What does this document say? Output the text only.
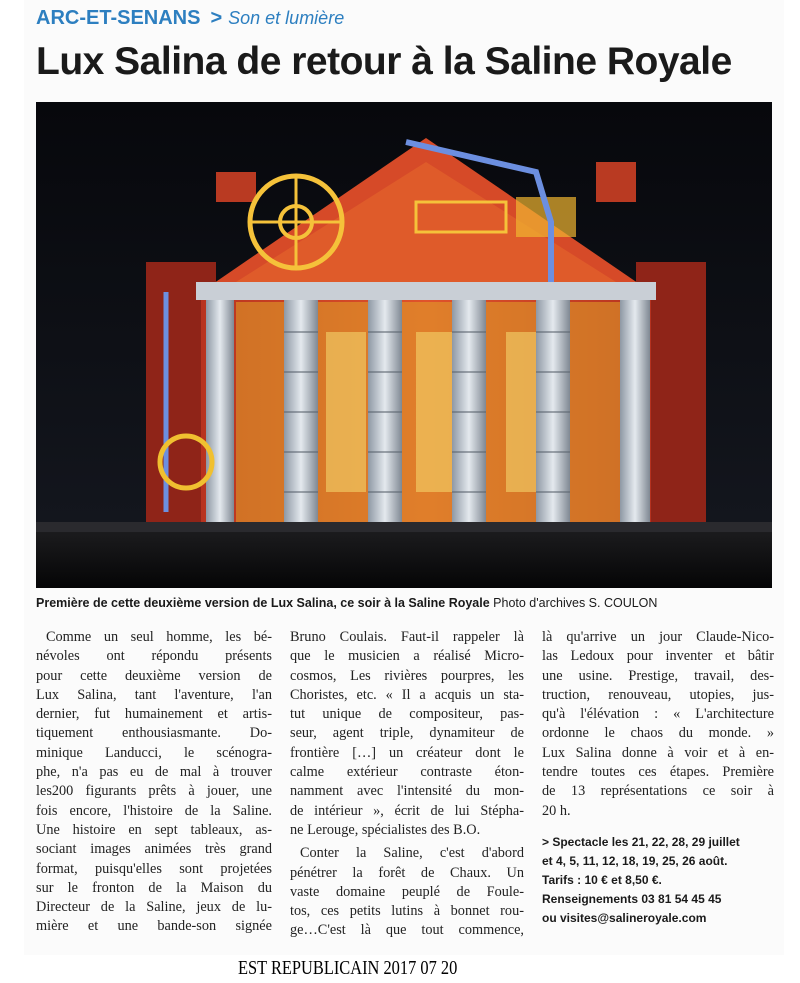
ARC-ET-SENANS > Son et lumière
Lux Salina de retour à la Saline Royale
Première de cette deuxième version de Lux Salina, ce soir à la Saline Royale Photo d'archives S. COULON

Comme un seul homme, les bé-
névoles ont répondu présents
pour cette deuxième version de
Lux Salina, tant l'aventure, l'an
dernier, fut humainement et artis-
tiquement enthousiasmante. Do-
minique Landucci, le scénogra-
phe, n'a pas eu de mal à trouver
les200 figurants prêts à jouer, une
fois encore, l'histoire de la Saline.
Une histoire en sept tableaux, as-
sociant images animées très grand
format, puisqu'elles sont projetées
sur le fronton de la Maison du
Directeur de la Saline, jeux de lu-
mière et une bande-son signée

Bruno Coulais. Faut-il rappeler là
que le musicien a réalisé Micro-
cosmos, Les rivières pourpres, les
Choristes, etc. « Il a acquis un sta-
tut unique de compositeur, pas-
seur, agent triple, dynamiteur de
frontière […] un créateur dont le
calme extérieur contraste éton-
namment avec l'intensité du mon-
de intérieur », écrit de lui Stépha-
ne Lerouge, spécialistes des B.O.

Conter la Saline, c'est d'abord
pénétrer la forêt de Chaux. Un
vaste domaine peuplé de Foule-
tos, ces petits lutins à bonnet rou-
ge…C'est là que tout commence,

là qu'arrive un jour Claude-Nico-
las Ledoux pour inventer et bâtir
une usine. Prestige, travail, des-
truction, renouveau, utopies, jus-
qu'à l'élévation : « L'architecture
ordonne le chaos du monde. »
Lux Salina donne à voir et à en-
tendre toutes ces étapes. Première
de 13 représentations ce soir à
20 h.

> Spectacle les 21, 22, 28, 29 juillet
et 4, 5, 11, 12, 18, 19, 25, 26 août.
Tarifs : 10 € et 8,50 €.
Renseignements 03 81 54 45 45
ou visites@salineroyale.com

EST REPUBLICAIN 2017 07 20
